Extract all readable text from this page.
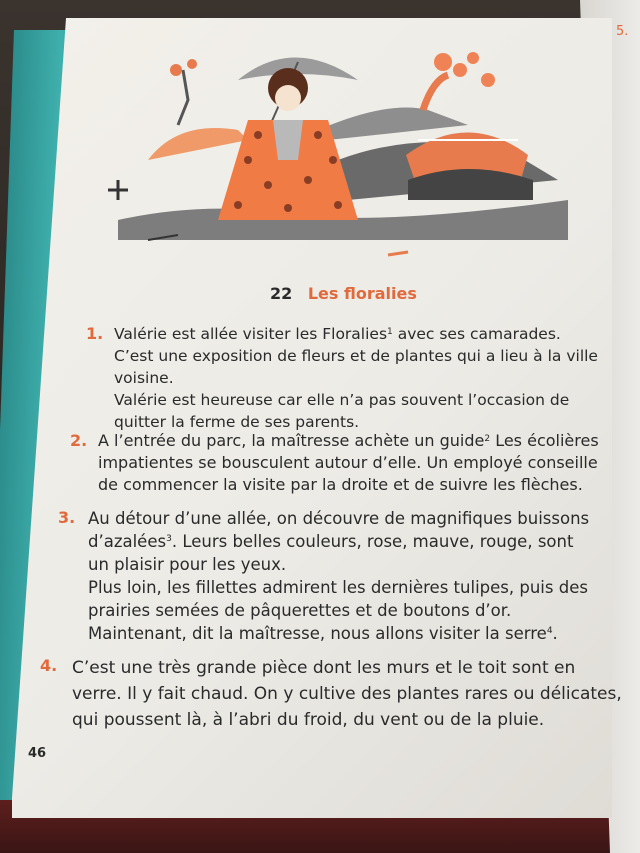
5.
22 Les floralies
1. Valérie est allée visiter les Floralies$^1$ avec ses camarades.
C’est une exposition de fleurs et de plantes qui a lieu à la ville
voisine.
Valérie est heureuse car elle n’a pas souvent l’occasion de
quitter la ferme de ses parents.
2. A l’entrée du parc, la maîtresse achète un guide$^2$ Les écolières
impatientes se bousculent autour d’elle. Un employé conseille
de commencer la visite par la droite et de suivre les flèches.
3. Au détour d’une allée, on découvre de magnifiques buissons
d’azalées$^3$. Leurs belles couleurs, rose, mauve, rouge, sont
un plaisir pour les yeux.
Plus loin, les fillettes admirent les dernières tulipes, puis des
prairies semées de pâquerettes et de boutons d’or.
Maintenant, dit la maîtresse, nous allons visiter la serre$^4$.
4. C’est une très grande pièce dont les murs et le toit sont en
verre. Il y fait chaud. On y cultive des plantes rares ou délicates,
qui poussent là, à l’abri du froid, du vent ou de la pluie.
46
